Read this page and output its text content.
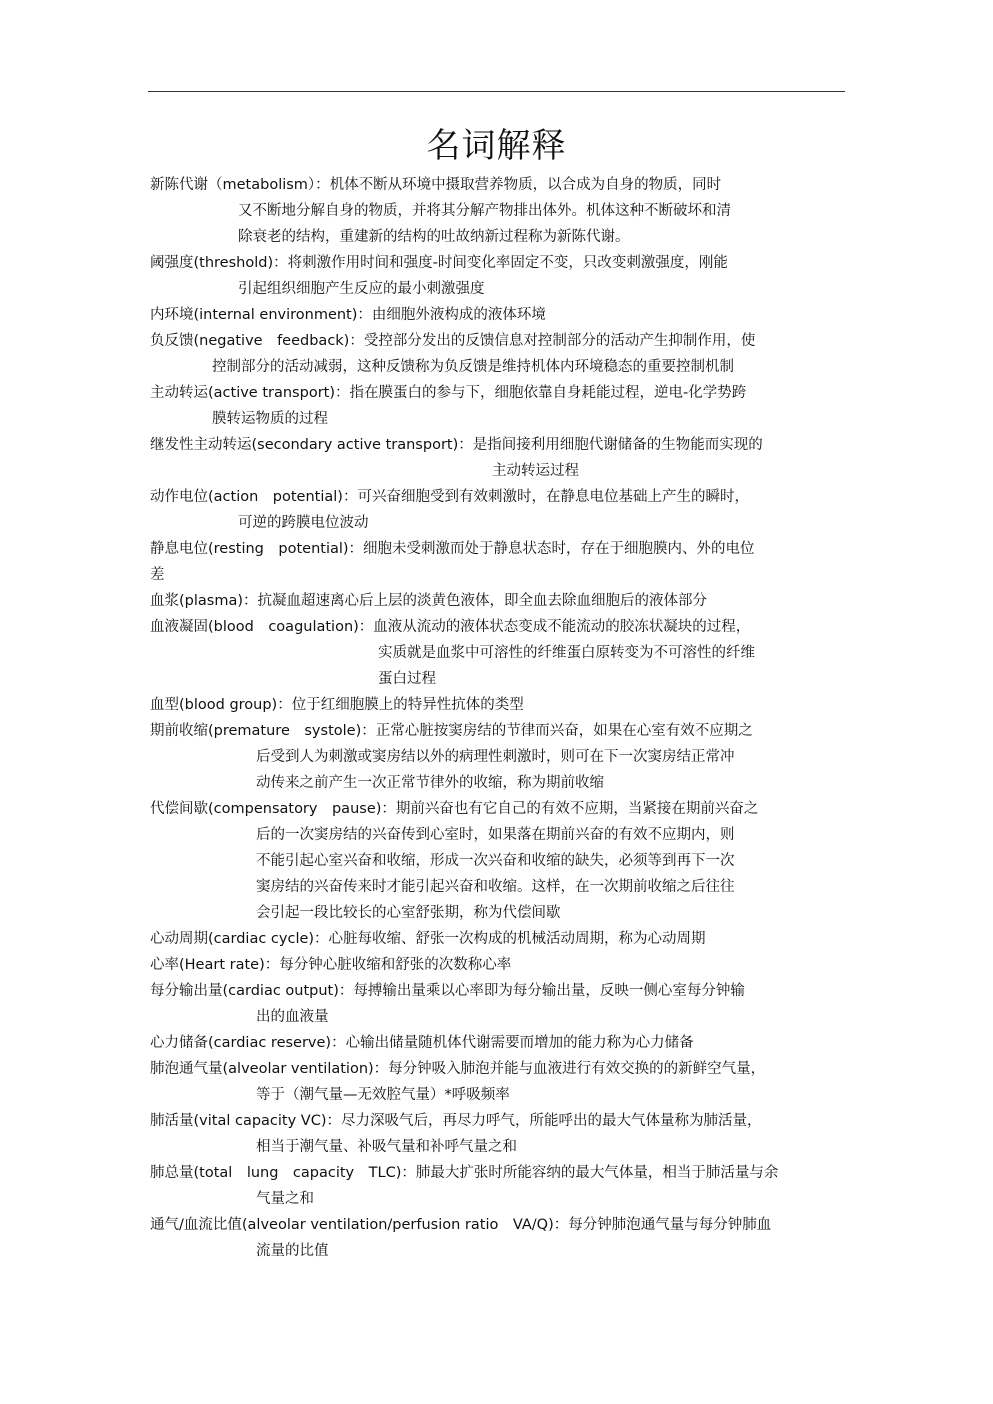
名词解释
新陈代谢（metabolism）：机体不断从环境中摄取营养物质，以合成为自身的物质，同时
又不断地分解自身的物质，并将其分解产物排出体外。机体这种不断破坏和清
除衰老的结构，重建新的结构的吐故纳新过程称为新陈代谢。
阈强度(threshold)：将刺激作用时间和强度-时间变化率固定不变，只改变刺激强度，刚能
引起组织细胞产生反应的最小刺激强度
内环境(internal environment)：由细胞外液构成的液体环境
负反馈(negative　feedback)：受控部分发出的反馈信息对控制部分的活动产生抑制作用，使
控制部分的活动减弱，这种反馈称为负反馈是维持机体内环境稳态的重要控制机制
主动转运(active transport)：指在膜蛋白的参与下，细胞依靠自身耗能过程，逆电-化学势跨
膜转运物质的过程
继发性主动转运(secondary active transport)：是指间接利用细胞代谢储备的生物能而实现的
主动转运过程
动作电位(action　potential)：可兴奋细胞受到有效刺激时，在静息电位基础上产生的瞬时，
可逆的跨膜电位波动
静息电位(resting　potential)：细胞未受刺激而处于静息状态时，存在于细胞膜内、外的电位
差
血浆(plasma)：抗凝血超速离心后上层的淡黄色液体，即全血去除血细胞后的液体部分
血液凝固(blood　coagulation)：血液从流动的液体状态变成不能流动的胶冻状凝块的过程，
实质就是血浆中可溶性的纤维蛋白原转变为不可溶性的纤维
蛋白过程
血型(blood group)：位于红细胞膜上的特异性抗体的类型
期前收缩(premature　systole)：正常心脏按窦房结的节律而兴奋，如果在心室有效不应期之
后受到人为刺激或窦房结以外的病理性刺激时，则可在下一次窦房结正常冲
动传来之前产生一次正常节律外的收缩，称为期前收缩
代偿间歇(compensatory　pause)：期前兴奋也有它自己的有效不应期，当紧接在期前兴奋之
后的一次窦房结的兴奋传到心室时，如果落在期前兴奋的有效不应期内，则
不能引起心室兴奋和收缩，形成一次兴奋和收缩的缺失，必须等到再下一次
窦房结的兴奋传来时才能引起兴奋和收缩。这样，在一次期前收缩之后往往
会引起一段比较长的心室舒张期，称为代偿间歇
心动周期(cardiac cycle)：心脏每收缩、舒张一次构成的机械活动周期，称为心动周期
心率(Heart rate)：每分钟心脏收缩和舒张的次数称心率
每分输出量(cardiac output)：每搏输出量乘以心率即为每分输出量，反映一侧心室每分钟输
出的血液量
心力储备(cardiac reserve)：心输出储量随机体代谢需要而增加的能力称为心力储备
肺泡通气量(alveolar ventilation)：每分钟吸入肺泡并能与血液进行有效交换的的新鲜空气量，
等于（潮气量—无效腔气量）*呼吸频率
肺活量(vital capacity VC)：尽力深吸气后，再尽力呼气，所能呼出的最大气体量称为肺活量，
相当于潮气量、补吸气量和补呼气量之和
肺总量(total　lung　capacity　TLC)：肺最大扩张时所能容纳的最大气体量，相当于肺活量与余
气量之和
通气/血流比值(alveolar ventilation/perfusion ratio　VA/Q)：每分钟肺泡通气量与每分钟肺血
流量的比值
